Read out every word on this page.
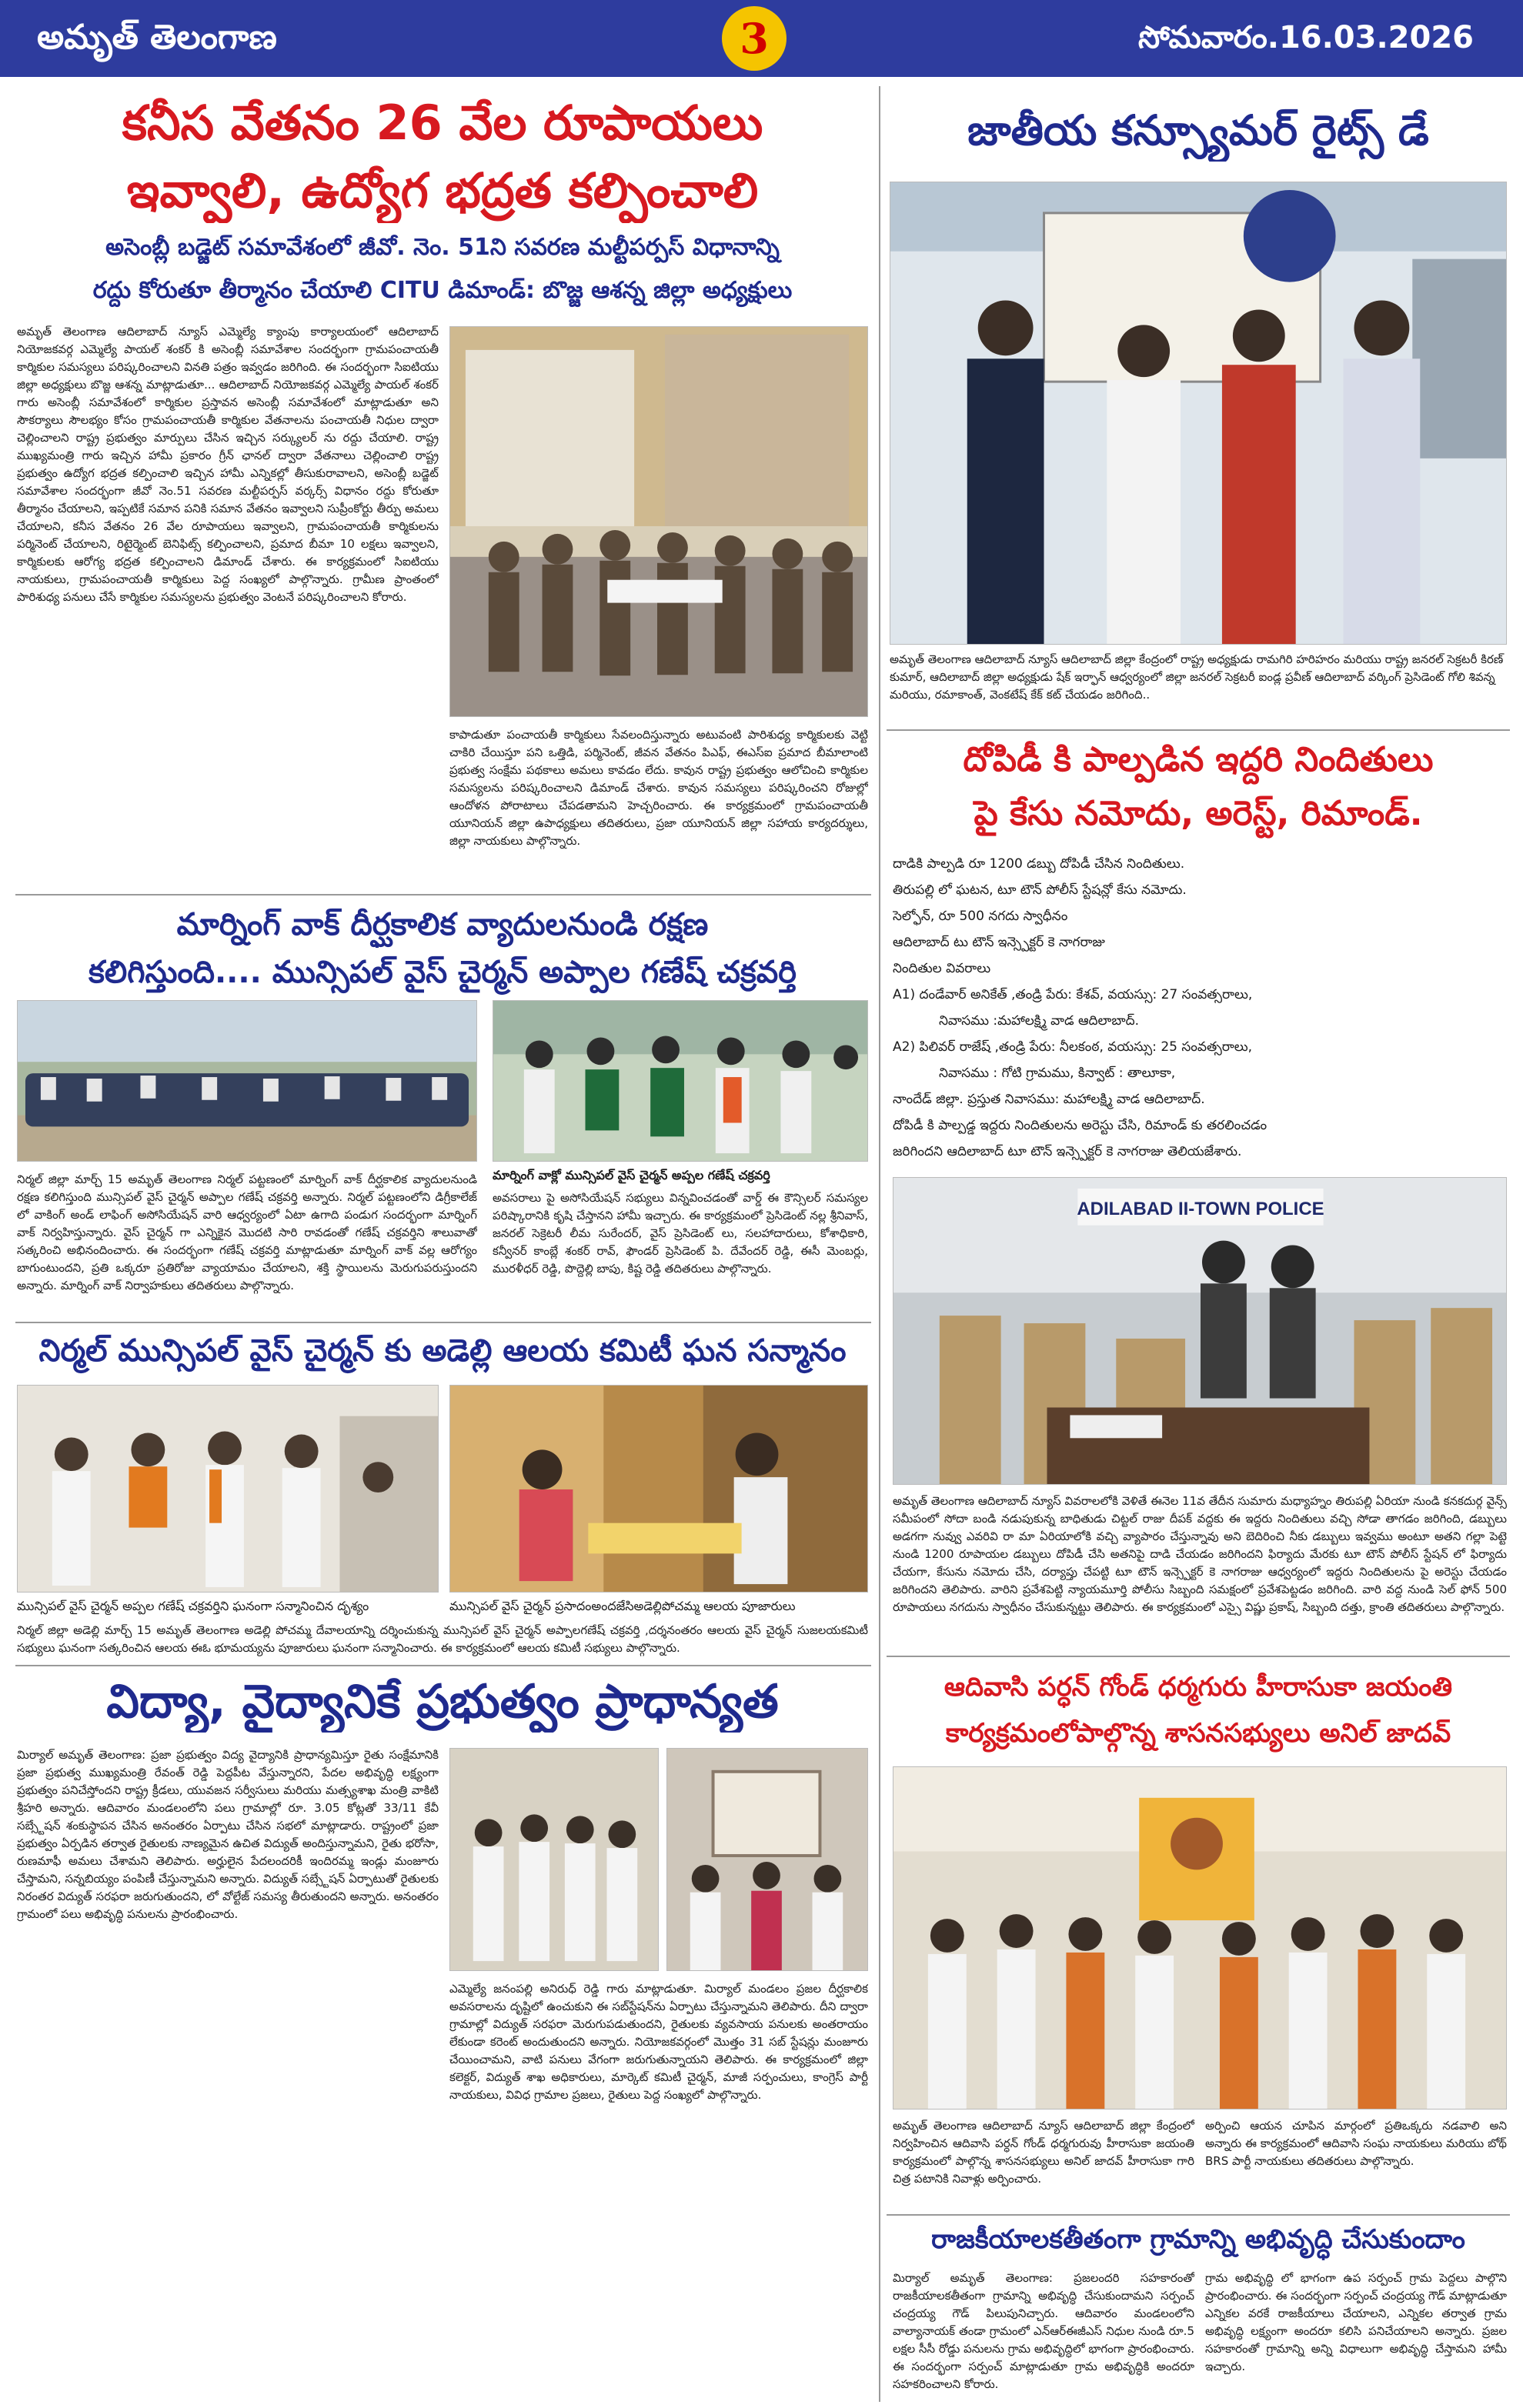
అమృత్ తెలంగాణ	3	సోమవారం.16.03.2026
కనీస వేతనం 26 వేల రూపాయలు
ఇవ్వాలి, ఉద్యోగ భద్రత కల్పించాలి
అసెంబ్లీ బడ్జెట్ సమావేశంలో జీవో. నెం. 51ని సవరణ మల్టీపర్పస్ విధానాన్ని
రద్దు కోరుతూ తీర్మానం చేయాలి CITU డిమాండ్: బొజ్జ ఆశన్న జిల్లా అధ్యక్షులు
అమృత్ తెలంగాణ ఆదిలాబాద్ న్యూస్ ఎమ్మెల్యే క్యాంపు కార్యాలయంలో ఆదిలాబాద్ నియోజకవర్గ ఎమ్మెల్యే పాయల్ శంకర్ కి అసెంబ్లీ సమావేశాల సందర్భంగా గ్రామపంచాయతీ కార్మికుల సమస్యలు పరిష్కరించాలని వినతి పత్రం ఇవ్వడం జరిగింది. ఈ సందర్భంగా సిఐటియు జిల్లా అధ్యక్షులు బొజ్జ ఆశన్న మాట్లాడుతూ... ఆదిలాబాద్ నియోజకవర్గ ఎమ్మెల్యే పాయల్ శంకర్ గారు అసెంబ్లీ సమావేశంలో కార్మికుల ప్రస్తావన అసెంబ్లీ సమావేశంలో మాట్లాడుతూ అని సౌకర్యాలు సౌలభ్యం కోసం గ్రామపంచాయతీ కార్మికుల వేతనాలను పంచాయతీ నిధుల ద్వారా చెల్లించాలని రాష్ట్ర ప్రభుత్వం మార్పులు చేసిన ఇచ్చిన సర్క్యులర్ ను రద్దు చేయాలి. రాష్ట్ర ముఖ్యమంత్రి గారు ఇచ్చిన హామీ ప్రకారం గ్రీన్ ఛానల్ ద్వారా వేతనాలు చెల్లించాలి రాష్ట్ర ప్రభుత్వం ఉద్యోగ భద్రత కల్పించాలి ఇచ్చిన హామీ ఎన్నికల్లో తీసుకురావాలని, అసెంబ్లీ బడ్జెట్ సమావేశాల సందర్భంగా జీవో నెం.51 సవరణ మల్టీపర్పస్ వర్కర్స్ విధానం రద్దు కోరుతూ తీర్మానం చేయాలని, ఇప్పటికే సమాన పనికి సమాన వేతనం ఇవ్వాలని సుప్రీంకోర్టు తీర్పు అమలు చేయాలని, కనీస వేతనం 26 వేల రూపాయలు ఇవ్వాలని, గ్రామపంచాయతీ కార్మికులను పర్మినెంట్ చేయాలని, రిటైర్మెంట్ బెనిఫిట్స్ కల్పించాలని, ప్రమాద బీమా 10 లక్షలు ఇవ్వాలని, కార్మికులకు ఆరోగ్య భద్రత కల్పించాలని డిమాండ్ చేశారు. ఈ కార్యక్రమంలో సిఐటియు నాయకులు, గ్రామపంచాయతీ కార్మికులు పెద్ద సంఖ్యలో పాల్గొన్నారు. గ్రామీణ ప్రాంతంలో పారిశుధ్య పనులు చేసే కార్మికుల సమస్యలను ప్రభుత్వం వెంటనే పరిష్కరించాలని కోరారు.
కాపాడుతూ పంచాయతీ కార్మికులు సేవలందిస్తున్నారు అటువంటి పారిశుధ్య కార్మికులకు వెట్టి చాకిరి చేయిస్తూ పని ఒత్తిడి, పర్మినెంట్, జీవన వేతనం పిఎఫ్, ఈఎస్ఐ ప్రమాద బీమాలాంటి ప్రభుత్వ సంక్షేమ పథకాలు అమలు కావడం లేదు. కావున రాష్ట్ర ప్రభుత్వం ఆలోచించి కార్మికుల సమస్యలను పరిష్కరించాలని డిమాండ్ చేశారు. కావున సమస్యలు పరిష్కరించని రోజుల్లో ఆందోళన పోరాటాలు చేపడతామని హెచ్చరించారు. ఈ కార్యక్రమంలో గ్రామపంచాయతీ యూనియన్ జిల్లా ఉపాధ్యక్షులు తదితరులు, ప్రజా యూనియన్ జిల్లా సహాయ కార్యదర్శులు, జిల్లా నాయకులు పాల్గొన్నారు.
మార్నింగ్ వాక్ దీర్ఘకాలిక వ్యాదులనుండి రక్షణ
కలిగిస్తుంది.... మున్సిపల్ వైస్ చైర్మన్ అప్పాల గణేష్ చక్రవర్తి
నిర్మల్ జిల్లా మార్చ్ 15 అమృత్ తెలంగాణ నిర్మల్ పట్టణంలో మార్నింగ్ వాక్ దీర్ఘకాలిక వ్యాదులనుండి రక్షణ కలిగిస్తుంది మున్సిపల్ వైస్ చైర్మన్ అప్పాల గణేష్ చక్రవర్తి అన్నారు. నిర్మల్ పట్టణంలోని డిగ్రీకాలేజ్ లో వాకింగ్ అండ్ లాఫింగ్ అసోసియేషన్ వారి ఆధ్వర్యంలో ఏటా ఉగాది పండుగ సందర్భంగా మార్నింగ్ వాక్ నిర్వహిస్తున్నారు. వైస్ చైర్మన్ గా ఎన్నికైన మొదటి సారి రావడంతో గణేష్ చక్రవర్తిని శాలువాతో సత్కరించి అభినందించారు. ఈ సందర్భంగా గణేష్ చక్రవర్తి మాట్లాడుతూ మార్నింగ్ వాక్ వల్ల ఆరోగ్యం బాగుంటుందని, ప్రతి ఒక్కరూ ప్రతిరోజు వ్యాయామం చేయాలని, శక్తి స్థాయిలను మెరుగుపరుస్తుందని అన్నారు. మార్నింగ్ వాక్ నిర్వాహకులు తదితరులు పాల్గొన్నారు.
మార్నింగ్ వాక్లో మున్సిపల్ వైస్ చైర్మన్ అప్పల గణేష్ చక్రవర్తి
అవసరాలు పై అసోసియేషన్ సభ్యులు విన్నవించడంతో వార్డ్ ఈ కౌన్సిలర్ సమస్యల పరిష్కారానికి కృషి చేస్తానని హామీ ఇచ్చారు. ఈ కార్యక్రమంలో ప్రెసిడెంట్ నల్ల శ్రీనివాస్, జనరల్ సెక్రెటరీ లీమ సురేందర్, వైస్ ప్రెసిడెంట్ లు, సలహాదారులు, కోశాధికారి, కన్వీనర్ కాంబ్లే శంకర్ రావ్, ఫౌండర్ ప్రెసిడెంట్ పి. దేవేందర్ రెడ్డి, ఈసీ మెంబర్లు, మురళీధర్ రెడ్డి, పొద్దెల్లి బాపు, కిష్ట రెడ్డి తదితరులు పాల్గొన్నారు.
నిర్మల్ మున్సిపల్ వైస్ చైర్మన్ కు అడెల్లి ఆలయ కమిటీ ఘన సన్మానం
మున్సిపల్ వైస్ చైర్మన్ అప్పల గణేష్ చక్రవర్తిని ఘనంగా సన్మానించిన దృశ్యం	మున్సిపల్ వైస్ చైర్మన్ ప్రసాదంఅందజేసిఅడెల్లిపోచమ్మ ఆలయ పూజారులు
నిర్మల్ జిల్లా అడెల్లి మార్చ్ 15 అమృత్ తెలంగాణ అడెల్లి పోచమ్మ దేవాలయాన్ని దర్శించుకున్న మున్సిపల్ వైస్ చైర్మన్ అప్పాలగణేష్ చక్రవర్తి ,దర్శనంతరం ఆలయ వైస్ చైర్మన్ సుజలయకమిటీ సభ్యులు ఘనంగా సత్కరించిన ఆలయ ఈఓ భూమయ్యను పూజారులు ఘనంగా సన్మానించారు. ఈ కార్యక్రమంలో ఆలయ కమిటీ సభ్యులు పాల్గొన్నారు.
విద్యా, వైద్యానికే ప్రభుత్వం ప్రాధాన్యత
మిర్యాల్ అమృత్ తెలంగాణ: ప్రజా ప్రభుత్వం విద్య వైద్యానికి ప్రాధాన్యమిస్తూ రైతు సంక్షేమానికి ప్రజా ప్రభుత్వ ముఖ్యమంత్రి రేవంత్ రెడ్డి పెద్దపీట వేస్తున్నారని, పేదల అభివృద్ధి లక్ష్యంగా ప్రభుత్వం పనిచేస్తోందని రాష్ట్ర క్రీడలు, యువజన సర్వీసులు మరియు మత్స్యశాఖ మంత్రి వాకిటి శ్రీహరి అన్నారు. ఆదివారం మండలంలోని పలు గ్రామాల్లో రూ. 3.05 కోట్లతో 33/11 కేవీ సబ్స్టేషన్ శంకుస్థాపన చేసిన అనంతరం ఏర్పాటు చేసిన సభలో మాట్లాడారు. రాష్ట్రంలో ప్రజా ప్రభుత్వం ఏర్పడిన తర్వాత రైతులకు నాణ్యమైన ఉచిత విద్యుత్ అందిస్తున్నామని, రైతు భరోసా, రుణమాఫీ అమలు చేశామని తెలిపారు. అర్హులైన పేదలందరికీ ఇందిరమ్మ ఇండ్లు మంజూరు చేస్తామని, సన్నబియ్యం పంపిణీ చేస్తున్నామని అన్నారు. విద్యుత్ సబ్స్టేషన్ ఏర్పాటుతో రైతులకు నిరంతర విద్యుత్ సరఫరా జరుగుతుందని, లో వోల్టేజ్ సమస్య తీరుతుందని అన్నారు. అనంతరం గ్రామంలో పలు అభివృద్ధి పనులను ప్రారంభించారు.
ఎమ్మెల్యే జనంపల్లి అనిరుధ్ రెడ్డి గారు మాట్లాడుతూ. మిర్యాల్ మండలం ప్రజల దీర్ఘకాలిక అవసరాలను దృష్టిలో ఉంచుకుని ఈ సబ్‌స్టేషన్‌ను ఏర్పాటు చేస్తున్నామని తెలిపారు. దీని ద్వారా గ్రామాల్లో విద్యుత్ సరఫరా మెరుగుపడుతుందని, రైతులకు వ్యవసాయ పనులకు అంతరాయం లేకుండా కరెంట్ అందుతుందని అన్నారు. నియోజకవర్గంలో మొత్తం 31 సబ్ స్టేషన్లు మంజూరు చేయించామని, వాటి పనులు వేగంగా జరుగుతున్నాయని తెలిపారు. ఈ కార్యక్రమంలో జిల్లా కలెక్టర్, విద్యుత్ శాఖ అధికారులు, మార్కెట్ కమిటీ చైర్మన్, మాజీ సర్పంచులు, కాంగ్రెస్ పార్టీ నాయకులు, వివిధ గ్రామాల ప్రజలు, రైతులు పెద్ద సంఖ్యలో పాల్గొన్నారు.
జాతీయ కన్స్యూమర్ రైట్స్ డే
అమృత్ తెలంగాణ ఆదిలాబాద్ న్యూస్ ఆదిలాబాద్ జిల్లా కేంద్రంలో రాష్ట్ర అధ్యక్షుడు రామగిరి హరిహరం మరియు రాష్ట్ర జనరల్ సెక్రటరీ కిరణ్ కుమార్, ఆదిలాబాద్ జిల్లా అధ్యక్షుడు షేక్ ఇర్ఫాన్ ఆధ్వర్యంలో జిల్లా జనరల్ సెక్రటరీ ఐండ్ల ప్రవీణ్ ఆదిలాబాద్ వర్కింగ్ ప్రెసిడెంట్ గోలి శివన్న మరియు, రమాకాంత్, వెంకటేష్ కేక్ కట్ చేయడం జరిగింది..
దోపిడీ కి పాల్పడిన ఇద్దరి నిందితులు
పై కేసు నమోదు, అరెస్ట్, రిమాండ్.
దాడికి పాల్పడి రూ 1200 డబ్బు దోపిడీ చేసిన నిందితులు.
తిరుపల్లి లో ఘటన, టూ టౌన్ పోలీస్ స్టేషన్లో కేసు నమోదు.
సెల్ఫోన్, రూ 500 నగదు స్వాధీనం
ఆదిలాబాద్ టు టౌన్ ఇన్స్పెక్టర్ కె నాగరాజు
నిందితుల వివరాలు
A1) దండేవార్ అనికేత్ ,తండ్రి పేరు: కేశవ్, వయస్సు: 27 సంవత్సరాలు,
నివాసము :మహాలక్ష్మి వాడ ఆదిలాబాద్.
A2) పిలివర్ రాజేష్ ,తండ్రి పేరు: నీలకంఠ, వయస్సు: 25 సంవత్సరాలు,
నివాసము : గోటి గ్రామము, కిన్వాట్ : తాలూకా,
నాందేడ్ జిల్లా. ప్రస్తుత నివాసము: మహాలక్ష్మి వాడ ఆదిలాబాద్.
దోపిడీ కి పాల్పడ్డ ఇద్దరు నిందితులను అరెస్టు చేసి, రిమాండ్ కు తరలించడం
జరిగిందని ఆదిలాబాద్ టూ టౌన్ ఇన్స్పెక్టర్ కె నాగరాజు తెలియజేశారు.
ADILABAD II-TOWN POLICE
అమృత్ తెలంగాణ ఆదిలాబాద్ న్యూస్ వివరాలలోకి వెళితే ఈనెల 11వ తేదీన సుమారు మధ్యాహ్నం తిరుపల్లి ఏరియా నుండి కనకదుర్గ వైన్స్ సమీపంలో సోదా బండి నడుపుకున్న బాధితుడు చిట్టల్ రాజు దీపక్ వద్దకు ఈ ఇద్దరు నిందితులు వచ్చి సోడా తాగడం జరిగింది, డబ్బులు అడగగా నువ్వు ఎవరివి రా మా ఏరియాలోకి వచ్చి వ్యాపారం చేస్తున్నావు అని బెదిరించి నీకు డబ్బులు ఇవ్వము అంటూ అతని గల్లా పెట్టె నుండి 1200 రూపాయల డబ్బులు దోపిడీ చేసి అతనిపై దాడి చేయడం జరిగిందని ఫిర్యాదు మేరకు టూ టౌన్ పోలీస్ స్టేషన్ లో ఫిర్యాదు చేయగా, కేసును నమోదు చేసి, దర్యాప్తు చేపట్టి టూ టౌన్ ఇన్స్పెక్టర్ కె నాగరాజు ఆధ్వర్యంలో ఇద్దరు నిందితులను పై అరెస్టు చేయడం జరిగిందని తెలిపారు. వారిని ప్రవేశపెట్టి న్యాయమూర్తి పోలీసు సిబ్బంది సమక్షంలో ప్రవేశపెట్టడం జరిగింది. వారి వద్ద నుండి సెల్ ఫోన్ 500 రూపాయలు నగదును స్వాధీనం చేసుకున్నట్టు తెలిపారు. ఈ కార్యక్రమంలో ఎస్సై విష్ణు ప్రకాష్, సిబ్బంది దత్తు, క్రాంతి తదితరులు పాల్గొన్నారు.
ఆదివాసి పర్ధన్ గోండ్ ధర్మగురు హీరాసుకా జయంతి
కార్యక్రమంలోపాల్గొన్న శాసనసభ్యులు అనిల్ జాదవ్
అమృత్ తెలంగాణ ఆదిలాబాద్ న్యూస్ ఆదిలాబాద్ జిల్లా కేంద్రంలో నిర్వహించిన ఆదివాసి పర్ధన్ గోండ్ ధర్మగురువు హీరాసుకా జయంతి కార్యక్రమంలో పాల్గొన్న శాసనసభ్యులు అనిల్ జాదవ్ హీరాసుకా గారి చిత్ర పటానికి నివాళ్లు అర్పించారు.
అర్పించి ఆయన చూపిన మార్గంలో ప్రతిఒక్కరు నడవాలి అని అన్నారు ఈ కార్యక్రమంలో ఆదివాసి సంఘ నాయకులు మరియు బోథ్ BRS పార్టీ నాయకులు తదితరులు పాల్గొన్నారు.
రాజకీయాలకతీతంగా గ్రామాన్ని అభివృద్ధి చేసుకుందాం
మిర్యాల్ అమృత్ తెలంగాణ: ప్రజలందరి సహకారంతో రాజకీయాలకతీతంగా గ్రామాన్ని అభివృద్ధి చేసుకుందామని సర్పంచ్ చంద్రయ్య గౌడ్ పిలుపునిచ్చారు. ఆదివారం మండలంలోని వాల్యానాయక్ తండా గ్రామంలో ఎన్ఆర్ఈజీఎస్ నిధుల నుండి రూ.5 లక్షల సీసీ రోడ్డు పనులను గ్రామ అభివృద్ధిలో భాగంగా ప్రారంభించారు. ఈ సందర్భంగా సర్పంచ్ మాట్లాడుతూ గ్రామ అభివృద్ధికి అందరూ సహకరించాలని కోరారు.
గ్రామ అభివృద్ధి లో భాగంగా ఉప సర్పంచ్ గ్రామ పెద్దలు పాల్గొని ప్రారంభించారు. ఈ సందర్భంగా సర్పంచ్ చంద్రయ్య గౌడ్ మాట్లాడుతూ ఎన్నికల వరకే రాజకీయాలు చేయాలని, ఎన్నికల తర్వాత గ్రామ అభివృద్ధి లక్ష్యంగా అందరూ కలిసి పనిచేయాలని అన్నారు. ప్రజల సహకారంతో గ్రామాన్ని అన్ని విధాలుగా అభివృద్ధి చేస్తామని హామీ ఇచ్చారు.
